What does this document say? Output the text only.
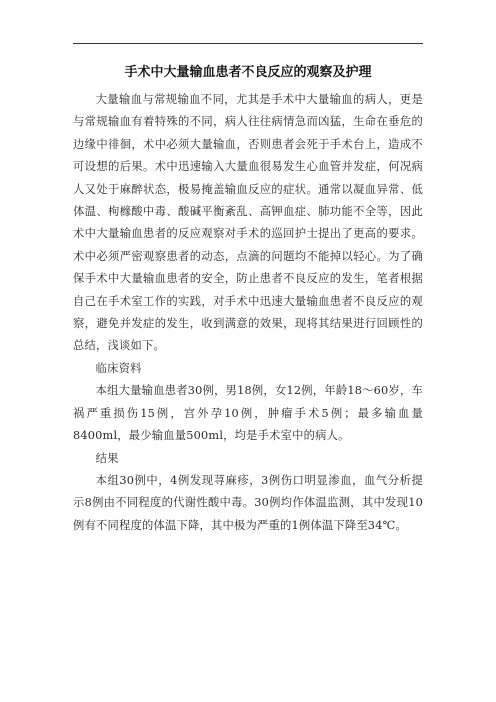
手术中大量输血患者不良反应的观察及护理

大量输血与常规输血不同，尤其是手术中大量输血的病人，更是与常规输血有着特殊的不同，病人往往病情急而凶猛，生命在垂危的边缘中徘徊，术中必须大量输血，否则患者会死于手术台上，造成不可设想的后果。术中迅速输入大量血很易发生心血管并发症，何况病人又处于麻醉状态，极易掩盖输血反应的症状。通常以凝血异常、低体温、枸橼酸中毒、酸碱平衡紊乱、高钾血症、肺功能不全等，因此术中大量输血患者的反应观察对手术的巡回护士提出了更高的要求。术中必须严密观察患者的动态，点滴的问题均不能掉以轻心。为了确保手术中大量输血患者的安全，防止患者不良反应的发生，笔者根据自己在手术室工作的实践，对手术中迅速大量输血患者不良反应的观察，避免并发症的发生，收到满意的效果，现将其结果进行回顾性的总结，浅谈如下。

临床资料

本组大量输血患者30例，男18例，女12例，年龄18～60岁，车祸严重损伤15例，宫外孕10例，肿瘤手术5例；最多输血量8400ml，最少输血量500ml，均是手术室中的病人。

结果

本组30例中，4例发现荨麻疹，3例伤口明显渗血，血气分析提示8例由不同程度的代谢性酸中毒。30例均作体温监测，其中发现10例有不同程度的体温下降，其中极为严重的1例体温下降至34℃。
